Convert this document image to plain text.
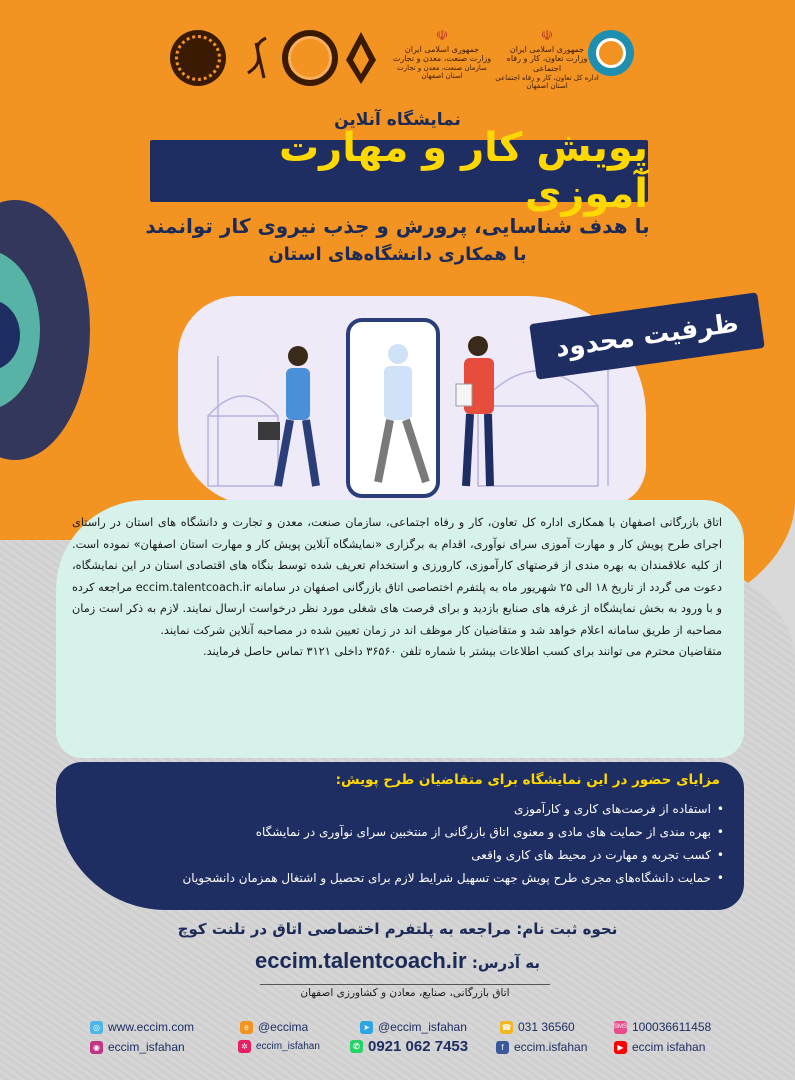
☫
جمهوری اسلامی ایران
وزارت صنعت، معدن و تجارت
سازمان صنعت، معدن و تجارت استان اصفهان
☫
جمهوری اسلامی ایران
وزارت تعاون، کار و رفاه اجتماعی
اداره کل تعاون، کار و رفاه اجتماعی استان اصفهان
نمایشگاه آنلاین
پویش کار و مهارت آموزی
با هدف شناسایی، پرورش و جذب نیروی کار توانمند
با همکاری دانشگاه‌های استان
ظرفیت محدود
اتاق بازرگانی اصفهان با همکاری اداره کل تعاون، کار و رفاه اجتماعی، سازمان صنعت، معدن و تجارت و دانشگاه های استان در راستای اجرای طرح پویش کار و مهارت آموزی سرای نوآوری، اقدام به برگزاری «نمایشگاه آنلاین پویش کار و مهارت استان اصفهان» نموده است. از کلیه علاقمندان به بهره مندی از فرصتهای کارآموزی، کارورزی و استخدام تعریف شده توسط بنگاه های اقتصادی استان در این نمایشگاه، دعوت می گردد از تاریخ ۱۸ الی ۲۵ شهریور ماه به پلتفرم اختصاصی اتاق بازرگانی اصفهان در سامانه eccim.talentcoach.ir مراجعه کرده و با ورود به بخش نمایشگاه از غرفه های صنایع بازدید و برای فرصت های شغلی مورد نظر درخواست ارسال نمایند. لازم به ذکر است زمان مصاحبه از طریق سامانه اعلام خواهد شد و متقاضیان کار موظف اند در زمان تعیین شده در مصاحبه آنلاین شرکت نمایند.
متقاضیان محترم می توانند برای کسب اطلاعات بیشتر با شماره تلفن ۳۶۵۶۰ داخلی ۳۱۲۱ تماس حاصل فرمایند.
مزایای حضور در این نمایشگاه برای متقاضیان طرح پویش:
• استفاده از فرصت‌های کاری و کارآموزی
• بهره مندی از حمایت های مادی و معنوی اتاق بازرگانی از منتخبین سرای نوآوری در نمایشگاه
• کسب تجربه و مهارت در محیط های کاری واقعی
• حمایت دانشگاه‌های مجری طرح پویش جهت تسهیل شرایط لازم برای تحصیل و اشتغال همزمان دانشجویان
نحوه ثبت نام: مراجعه به پلتفرم اختصاصی اتاق در تلنت کوچ
به آدرس: eccim.talentcoach.ir
اتاق بازرگانی، صنایع، معادن و کشاورزی اصفهان
◎ www.eccim.com	e @eccima	➤ @eccim_isfahan	☎ 031 36560	SMS 100036611458
◉ eccim_isfahan	✲ eccim_isfahan	✆ 0921 062 7453	f eccim.isfahan	▶ eccim isfahan
